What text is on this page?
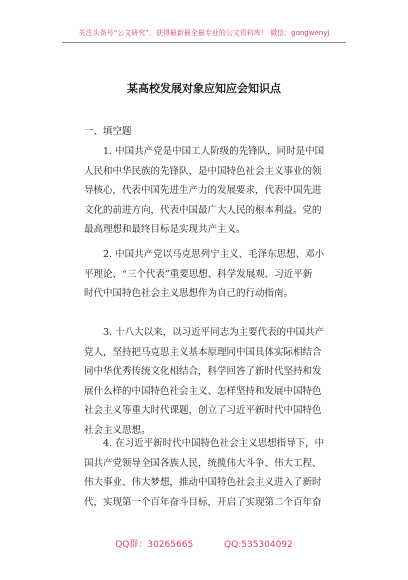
关注头条号“公文研究”，获得最新最全最专业的公文资料库！ 微信：gongwenyj
某高校发展对象应知应会知识点
一、填空题
1. 中国共产党是中国工人阶级的先锋队，同时是中国
人民和中华民族的先锋队，是中国特色社会主义事业的领
导核心，代表中国先进生产力的发展要求，代表中国先进
文化的前进方向，代表中国最广大人民的根本利益。党的
最高理想和最终目标是实现共产主义。
2. 中国共产党以马克思列宁主义、毛泽东思想、邓小
平理论、“三个代表”重要思想、科学发展观、习近平新
时代中国特色社会主义思想作为自己的行动指南。
3. 十八大以来，以习近平同志为主要代表的中国共产
党人，坚持把马克思主义基本原理同中国具体实际相结合
同中华优秀传统文化相结合，科学回答了新时代坚持和发
展什么样的中国特色社会主义、怎样坚持和发展中国特色
社会主义等重大时代课题，创立了习近平新时代中国特色
社会主义思想。
4. 在习近平新时代中国特色社会主义思想指导下，中
国共产党领导全国各族人民，统揽伟大斗争、伟大工程、
伟大事业、伟大梦想，推动中国特色社会主义进入了新时
代，实现第一个百年奋斗目标，开启了实现第二个百年奋
QQ群：30265665	QQ:535304092
